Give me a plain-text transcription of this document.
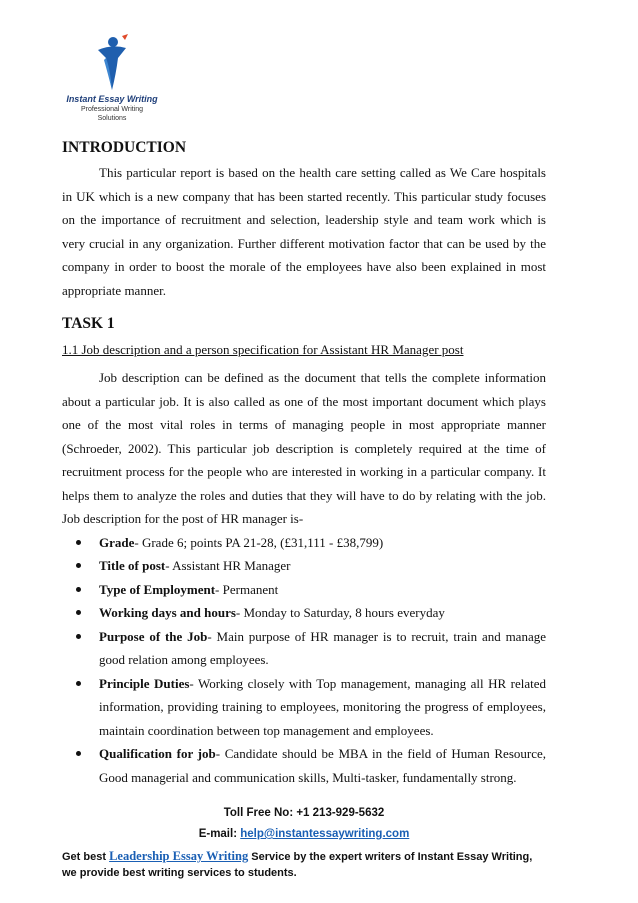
Instant Essay Writing
Professional Writing
Solutions
INTRODUCTION

This particular report is based on the health care setting called as We Care hospitals in UK which is a new company that has been started recently. This particular study focuses on the importance of recruitment and selection, leadership style and team work which is very crucial in any organization. Further different motivation factor that can be used by the company in order to boost the morale of the employees have also been explained in most appropriate manner.

TASK 1
1.1 Job description and a person specification for Assistant HR Manager post

Job description can be defined as the document that tells the complete information about a particular job. It is also called as one of the most important document which plays one of the most vital roles in terms of managing people in most appropriate manner (Schroeder, 2002). This particular job description is completely required at the time of recruitment process for the people who are interested in working in a particular company. It helps them to analyze the roles and duties that they will have to do by relating with the job. Job description for the post of HR manager is-

Grade- Grade 6; points PA 21-28, (£31,111 - £38,799)
Title of post- Assistant HR Manager
Type of Employment- Permanent
Working days and hours- Monday to Saturday, 8 hours everyday
Purpose of the Job- Main purpose of HR manager is to recruit, train and manage good relation among employees.
Principle Duties- Working closely with Top management, managing all HR related information, providing training to employees, monitoring the progress of employees, maintain coordination between top management and employees.
Qualification for job- Candidate should be MBA in the field of Human Resource, Good managerial and communication skills, Multi-tasker, fundamentally strong.
Toll Free No: +1 213-929-5632
E-mail: help@instantessaywriting.com
Get best Leadership Essay Writing Service by the expert writers of Instant Essay Writing, we provide best writing services to students.
